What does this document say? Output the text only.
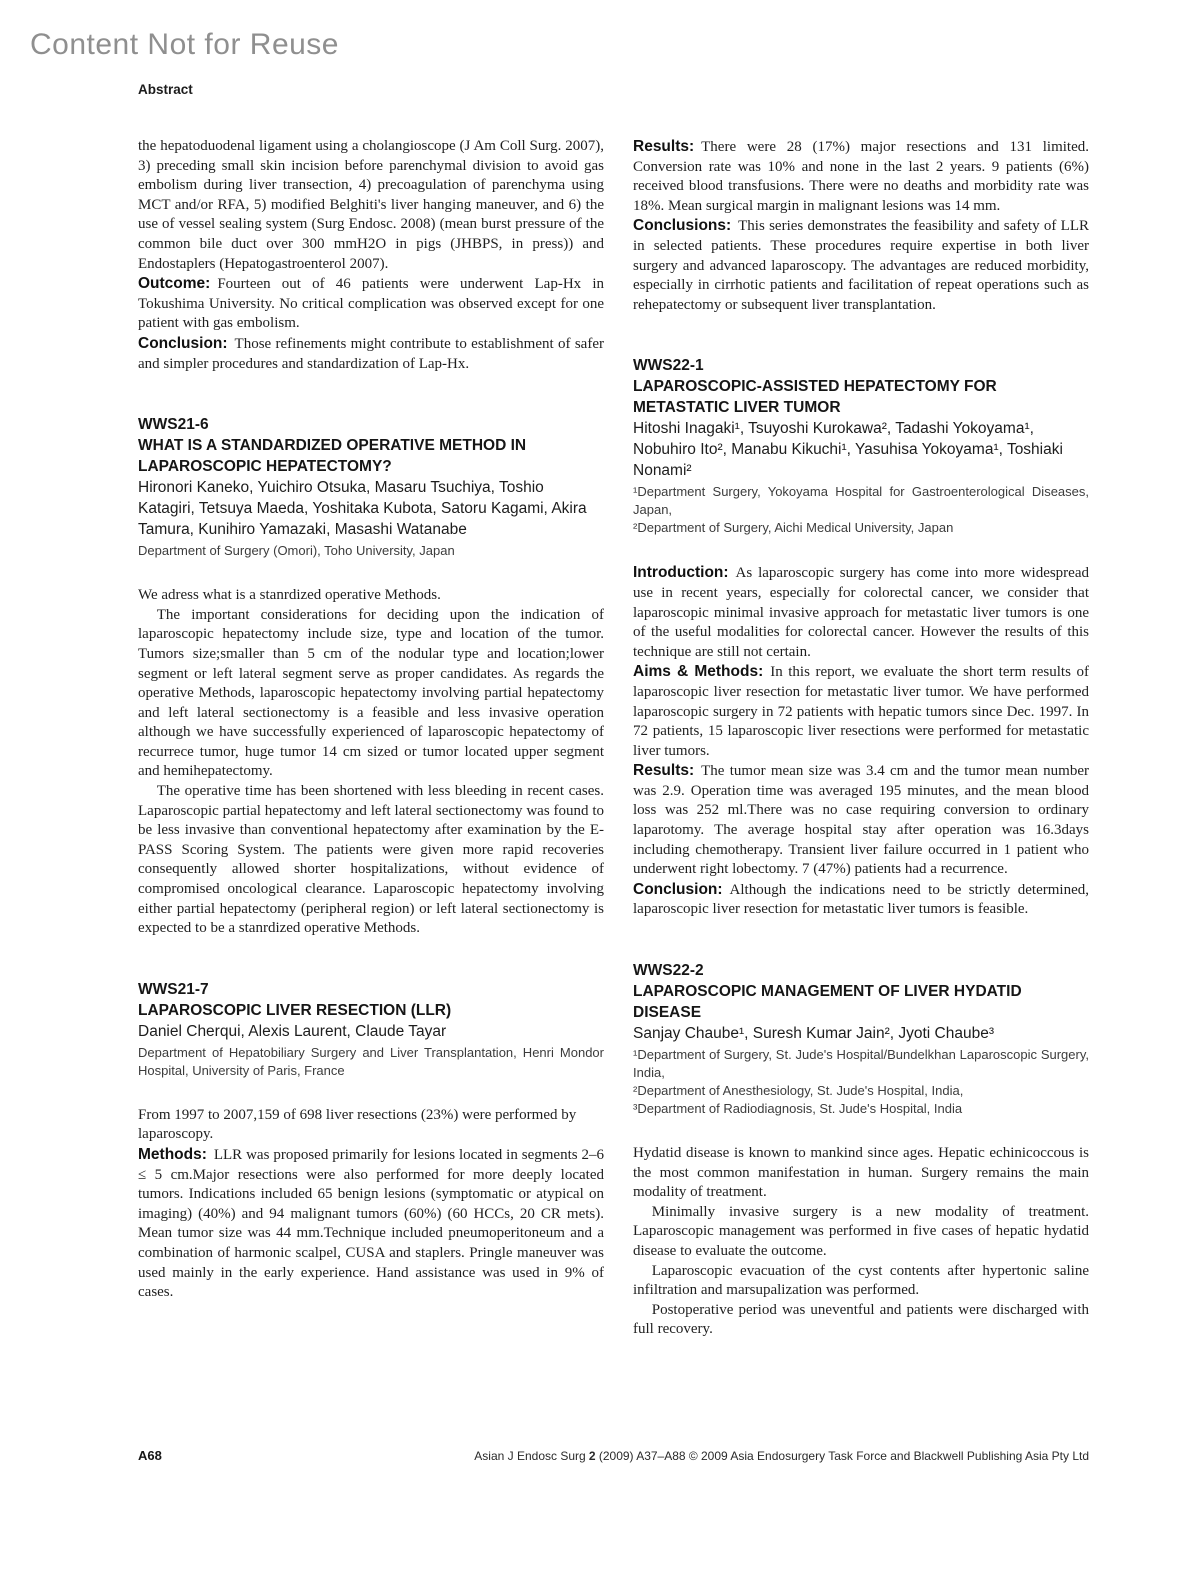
Content Not for Reuse
Abstract

the hepatoduodenal ligament using a cholangioscope (J Am Coll Surg. 2007), 3) preceding small skin incision before parenchymal division to avoid gas embolism during liver transection, 4) precoagulation of parenchyma using MCT and/or RFA, 5) modified Belghiti's liver hanging maneuver, and 6) the use of vessel sealing system (Surg Endosc. 2008) (mean burst pressure of the common bile duct over 300 mmH2O in pigs (JHBPS, in press)) and Endostaplers (Hepatogastroenterol 2007).

Outcome: Fourteen out of 46 patients were underwent Lap-Hx in Tokushima University. No critical complication was observed except for one patient with gas embolism.

Conclusion: Those refinements might contribute to establishment of safer and simpler procedures and standardization of Lap-Hx.

WWS21-6
WHAT IS A STANDARDIZED OPERATIVE METHOD IN LAPAROSCOPIC HEPATECTOMY?
Hironori Kaneko, Yuichiro Otsuka, Masaru Tsuchiya, Toshio Katagiri, Tetsuya Maeda, Yoshitaka Kubota, Satoru Kagami, Akira Tamura, Kunihiro Yamazaki, Masashi Watanabe

Department of Surgery (Omori), Toho University, Japan

We adress what is a stanrdized operative Methods.

The important considerations for deciding upon the indication of laparoscopic hepatectomy include size, type and location of the tumor. Tumors size;smaller than 5 cm of the nodular type and location;lower segment or left lateral segment serve as proper candidates. As regards the operative Methods, laparoscopic hepatectomy involving partial hepatectomy and left lateral sectionectomy is a feasible and less invasive operation although we have successfully experienced of laparoscopic hepatectomy of recurrece tumor, huge tumor 14 cm sized or tumor located upper segment and hemihepatectomy.

The operative time has been shortened with less bleeding in recent cases. Laparoscopic partial hepatectomy and left lateral sectionectomy was found to be less invasive than conventional hepatectomy after examination by the E-PASS Scoring System. The patients were given more rapid recoveries consequently allowed shorter hospitalizations, without evidence of compromised oncological clearance. Laparoscopic hepatectomy involving either partial hepatectomy (peripheral region) or left lateral sectionectomy is expected to be a stanrdized operative Methods.

WWS21-7
LAPAROSCOPIC LIVER RESECTION (LLR)
Daniel Cherqui, Alexis Laurent, Claude Tayar

Department of Hepatobiliary Surgery and Liver Transplantation, Henri Mondor Hospital, University of Paris, France

From 1997 to 2007,159 of 698 liver resections (23%) were performed by laparoscopy.

Methods: LLR was proposed primarily for lesions located in segments 2–6 ≤ 5 cm.Major resections were also performed for more deeply located tumors. Indications included 65 benign lesions (symptomatic or atypical on imaging) (40%) and 94 malignant tumors (60%) (60 HCCs, 20 CR mets). Mean tumor size was 44 mm.Technique included pneumoperitoneum and a combination of harmonic scalpel, CUSA and staplers. Pringle maneuver was used mainly in the early experience. Hand assistance was used in 9% of cases.

Results: There were 28 (17%) major resections and 131 limited. Conversion rate was 10% and none in the last 2 years. 9 patients (6%) received blood transfusions. There were no deaths and morbidity rate was 18%. Mean surgical margin in malignant lesions was 14 mm.

Conclusions: This series demonstrates the feasibility and safety of LLR in selected patients. These procedures require expertise in both liver surgery and advanced laparoscopy. The advantages are reduced morbidity, especially in cirrhotic patients and facilitation of repeat operations such as rehepatectomy or subsequent liver transplantation.

WWS22-1
LAPAROSCOPIC-ASSISTED HEPATECTOMY FOR METASTATIC LIVER TUMOR
Hitoshi Inagaki¹, Tsuyoshi Kurokawa², Tadashi Yokoyama¹, Nobuhiro Ito², Manabu Kikuchi¹, Yasuhisa Yokoyama¹, Toshiaki Nonami²

¹Department Surgery, Yokoyama Hospital for Gastroenterological Diseases, Japan,

²Department of Surgery, Aichi Medical University, Japan

Introduction: As laparoscopic surgery has come into more widespread use in recent years, especially for colorectal cancer, we consider that laparoscopic minimal invasive approach for metastatic liver tumors is one of the useful modalities for colorectal cancer. However the results of this technique are still not certain.

Aims & Methods: In this report, we evaluate the short term results of laparoscopic liver resection for metastatic liver tumor. We have performed laparoscopic surgery in 72 patients with hepatic tumors since Dec. 1997. In 72 patients, 15 laparoscopic liver resections were performed for metastatic liver tumors.

Results: The tumor mean size was 3.4 cm and the tumor mean number was 2.9. Operation time was averaged 195 minutes, and the mean blood loss was 252 ml.There was no case requiring conversion to ordinary laparotomy. The average hospital stay after operation was 16.3days including chemotherapy. Transient liver failure occurred in 1 patient who underwent right lobectomy. 7 (47%) patients had a recurrence.

Conclusion: Although the indications need to be strictly determined, laparoscopic liver resection for metastatic liver tumors is feasible.

WWS22-2
LAPAROSCOPIC MANAGEMENT OF LIVER HYDATID DISEASE
Sanjay Chaube¹, Suresh Kumar Jain², Jyoti Chaube³

¹Department of Surgery, St. Jude's Hospital/Bundelkhan Laparoscopic Surgery, India,

²Department of Anesthesiology, St. Jude's Hospital, India,

³Department of Radiodiagnosis, St. Jude's Hospital, India

Hydatid disease is known to mankind since ages. Hepatic echinicoccous is the most common manifestation in human. Surgery remains the main modality of treatment.

Minimally invasive surgery is a new modality of treatment. Laparoscopic management was performed in five cases of hepatic hydatid disease to evaluate the outcome.

Laparoscopic evacuation of the cyst contents after hypertonic saline infiltration and marsupalization was performed.

Postoperative period was uneventful and patients were discharged with full recovery.

A68	Asian J Endosc Surg 2 (2009) A37–A88 © 2009 Asia Endosurgery Task Force and Blackwell Publishing Asia Pty Ltd
